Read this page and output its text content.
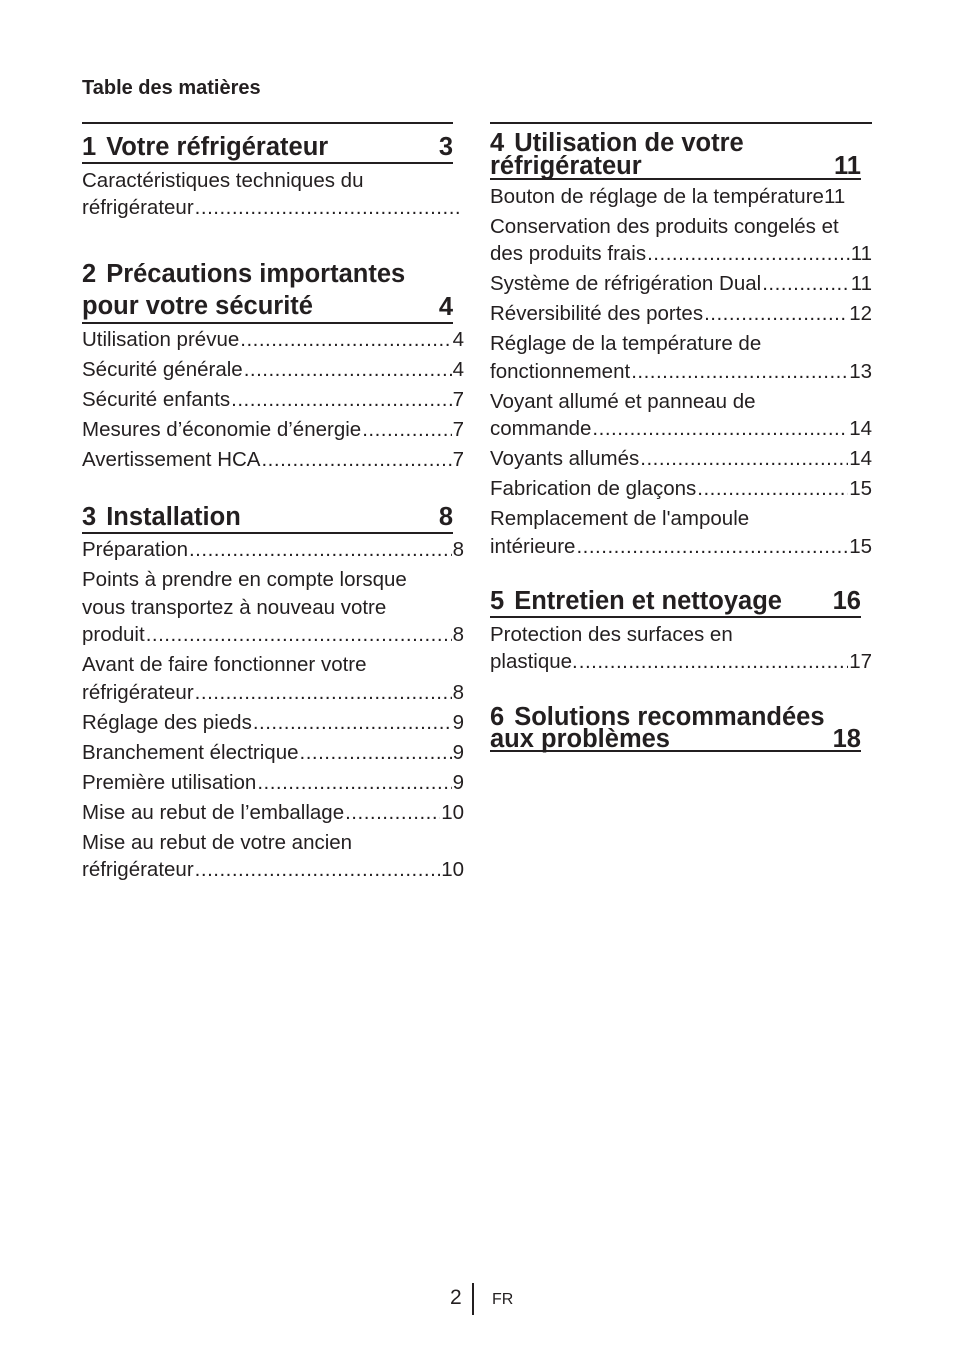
Table des matières
1 Votre réfrigérateur	3
Caractéristiques techniques du
réfrigérateur
.....
2 Précautions importantes
pour votre sécurité	4
Utilisation prévue .....	4
Sécurité générale .....	4
Sécurité enfants .....	7
Mesures d’économie d’énergie .....	7
Avertissement HCA .....	7
3 Installation	8
Préparation .....	8
Points à prendre en compte lorsque vous transportez à nouveau votre
produit .....	8
Avant de faire fonctionner votre
réfrigérateur .....	8
Réglage des pieds .....	9
Branchement électrique .....	9
Première utilisation .....	9
Mise au rebut de l’emballage .....	10
Mise au rebut de votre ancien
réfrigérateur .....	10
4 Utilisation de votre
réfrigérateur	11
Bouton de réglage de la température 11
Conservation des produits congelés et
des produits frais .....	11
Système de réfrigération Dual .....	11
Réversibilité des portes .....	12
Réglage de la température de
fonctionnement .....	13
Voyant allumé et panneau de
commande .....	14
Voyants allumés .....	14
Fabrication de glaçons .....	15
Remplacement de l'ampoule
intérieure .....	15
5 Entretien et nettoyage 16
Protection des surfaces en
plastique. .....	17
6 Solutions recommandées
aux problèmes	18
2 FR
